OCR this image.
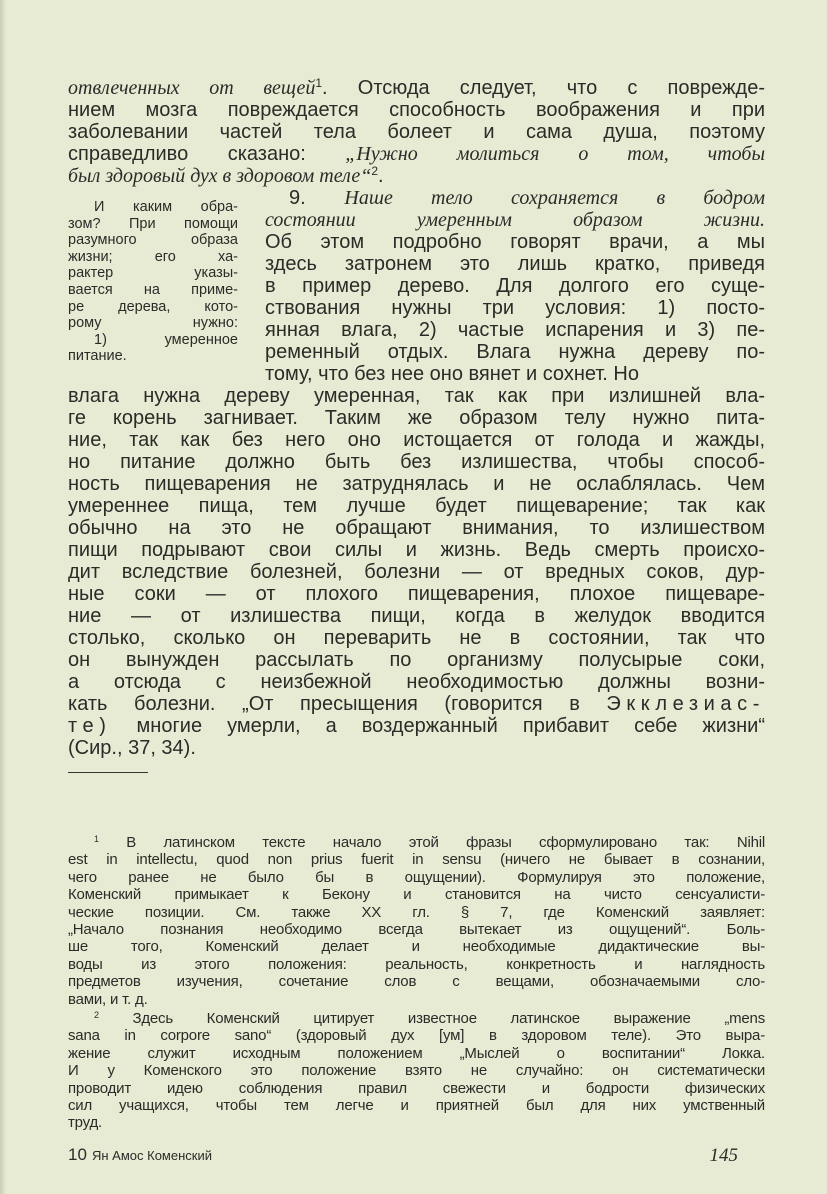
отвлеченных от вещей$^1$. Отсюда следует, что с поврежде-
нием мозга повреждается способность воображения и при
заболевании частей тела болеет и сама душа, поэтому
справедливо сказано: „Нужно молиться о том, чтобы
был здоровый дух в здоровом теле“$^2$.
9. Наше тело сохраняется в бодром
состоянии умеренным образом жизни.
Об этом подробно говорят врачи, а мы
здесь затронем это лишь кратко, приведя
в пример дерево. Для долгого его суще-
ствования нужны три условия: 1) посто-
янная влага, 2) частые испарения и 3) пе-
ременный отдых. Влага нужна дереву по-
тому, что без нее оно вянет и сохнет. Но
И каким обра-
зом? При помощи
разумного образа
жизни; его ха-
рактер указы-
вается на приме-
ре дерева, кото-
рому нужно:
1) умеренное
питание.
влага нужна дереву умеренная, так как при излишней вла-
ге корень загнивает. Таким же образом телу нужно пита-
ние, так как без него оно истощается от голода и жажды,
но питание должно быть без излишества, чтобы способ-
ность пищеварения не затруднялась и не ослаблялась. Чем
умереннее пища, тем лучше будет пищеварение; так как
обычно на это не обращают внимания, то излишеством
пищи подрывают свои силы и жизнь. Ведь смерть происхо-
дит вследствие болезней, болезни — от вредных соков, дур-
ные соки — от плохого пищеварения, плохое пищеваре-
ние — от излишества пищи, когда в желудок вводится
столько, сколько он переварить не в состоянии, так что
он вынужден рассылать по организму полусырые соки,
а отсюда с неизбежной необходимостью должны возни-
кать болезни. „От пресыщения (говорится в Экклезиас-
те) многие умерли, а воздержанный прибавит себе жизни“
(Сир., 37, 34).
$^1$ В латинском тексте начало этой фразы сформулировано так: Nihil
est in intellectu, quod non prius fuerit in sensu (ничего не бывает в сознании,
чего ранее не было бы в ощущении). Формулируя это положение,
Коменский примыкает к Бекону и становится на чисто сенсуалисти-
ческие позиции. См. также XX гл. § 7, где Коменский заявляет:
„Начало познания необходимо всегда вытекает из ощущений“. Боль-
ше того, Коменский делает и необходимые дидактические вы-
воды из этого положения: реальность, конкретность и наглядность
предметов изучения, сочетание слов с вещами, обозначаемыми сло-
вами, и т. д.
$^2$ Здесь Коменский цитирует известное латинское выражение „mens
sana in corpore sano“ (здоровый дух [ум] в здоровом теле). Это выра-
жение служит исходным положением „Мыслей о воспитании“ Локка.
И у Коменского это положение взято не случайно: он систематически
проводит идею соблюдения правил свежести и бодрости физических
сил учащихся, чтобы тем легче и приятней был для них умственный
труд.
10 Ян Амос Коменский	145
